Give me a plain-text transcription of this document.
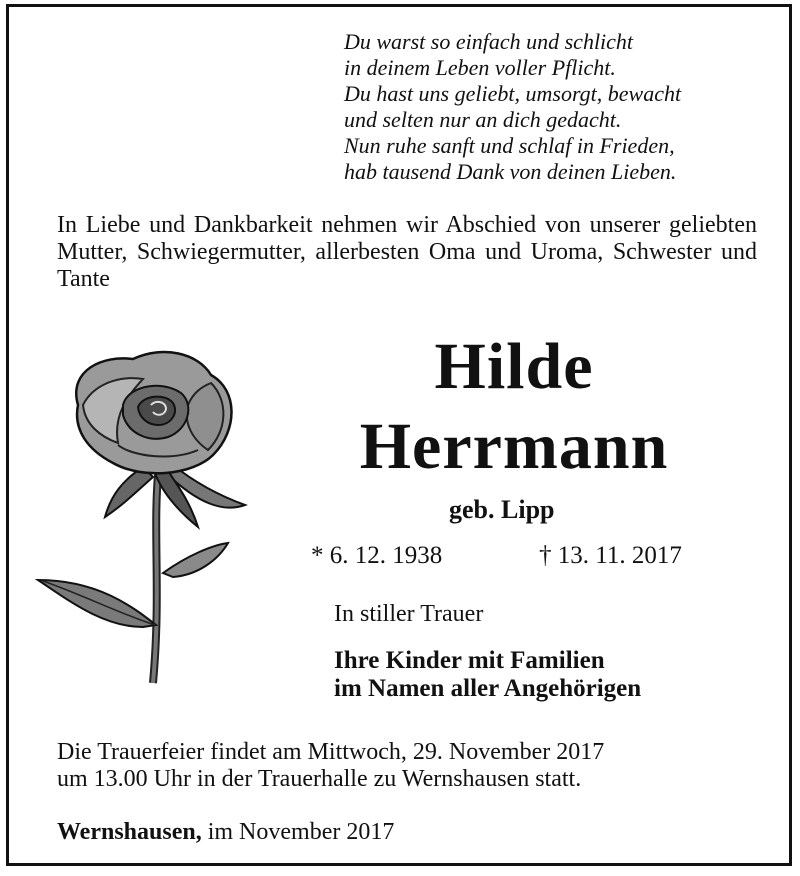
Du warst so einfach und schlicht
in deinem Leben voller Pflicht.
Du hast uns geliebt, umsorgt, bewacht
und selten nur an dich gedacht.
Nun ruhe sanft und schlaf in Frieden,
hab tausend Dank von deinen Lieben.
In Liebe und Dankbarkeit nehmen wir Abschied von unserer geliebten Mutter, Schwiegermutter, allerbesten Oma und Uroma, Schwester und Tante
Hilde
Herrmann
geb. Lipp
* 6. 12. 1938	† 13. 11. 2017
In stiller Trauer
Ihre Kinder mit Familien
im Namen aller Angehörigen
Die Trauerfeier findet am Mittwoch, 29. November 2017
um 13.00 Uhr in der Trauerhalle zu Wernshausen statt.
Wernshausen, im November 2017
